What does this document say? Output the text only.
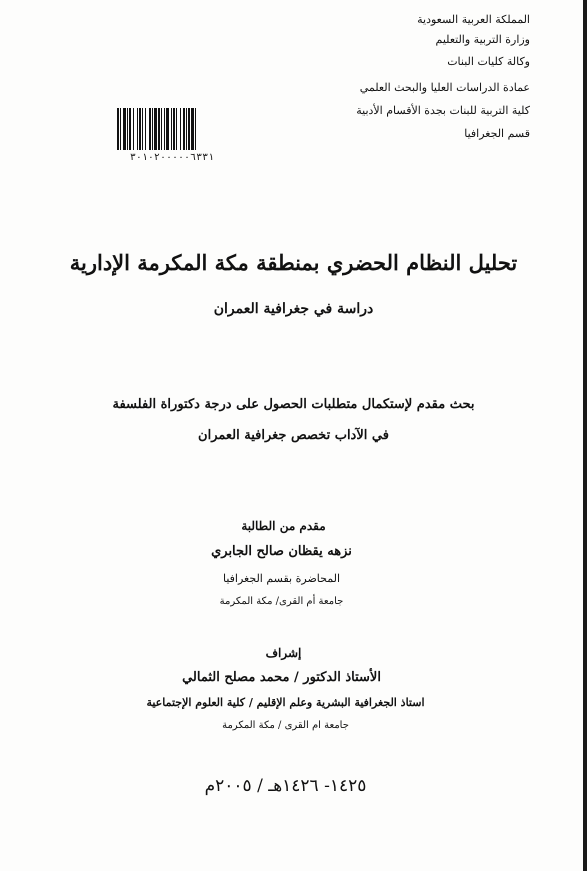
المملكة العربية السعودية
وزارة التربية والتعليم
وكالة كليات البنات
عمادة الدراسات العليا والبحث العلمي
كلية التربية للبنات بجدة الأقسام الأدبية
قسم الجغرافيا
٣٠١٠٢٠٠٠٠٠٦٣٣١
تحليل النظام الحضري بمنطقة مكة المكرمة الإدارية
دراسة في جغرافية العمران
بحث مقدم لإستكمال متطلبات الحصول على درجة دكتوراة الفلسفة
في الآداب تخصص جغرافية العمران
مقدم من الطالبة
نزهه يقظان صالح الجابري
المحاضرة بقسم الجغرافيا
جامعة أم القرى/ مكة المكرمة
إشراف
الأستاذ الدكتور / محمد مصلح الثمالي
استاذ الجغرافية البشرية وعلم الإقليم / كلية العلوم الإجتماعية
جامعة ام القرى / مكة المكرمة
١٤٢٥- ١٤٢٦هـ / ٢٠٠٥م
